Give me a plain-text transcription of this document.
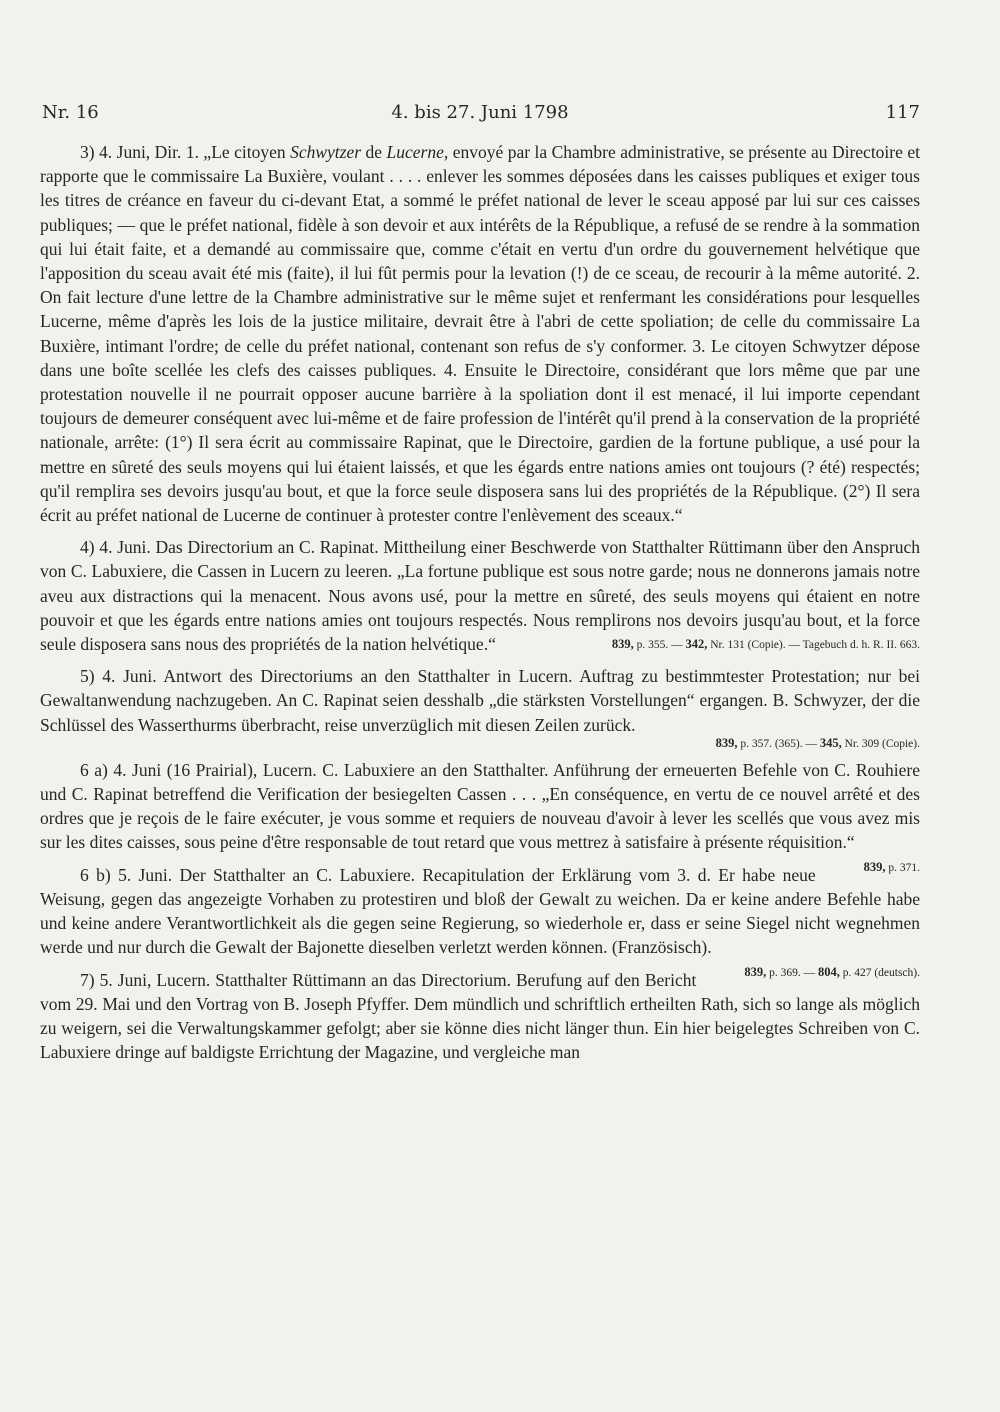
Nr. 16	4. bis 27. Juni 1798	117

3) 4. Juni, Dir. 1. „Le citoyen Schwytzer de Lucerne, envoyé par la Chambre administrative, se présente au Directoire et rapporte que le commissaire La Buxière, voulant . . . . enlever les sommes déposées dans les caisses publiques et exiger tous les titres de créance en faveur du ci-devant Etat, a sommé le préfet national de lever le sceau apposé par lui sur ces caisses publiques; — que le préfet national, fidèle à son devoir et aux intérêts de la République, a refusé de se rendre à la sommation qui lui était faite, et a demandé au commissaire que, comme c'était en vertu d'un ordre du gouvernement helvétique que l'apposition du sceau avait été mis (faite), il lui fût permis pour la levation (!) de ce sceau, de recourir à la même autorité. 2. On fait lecture d'une lettre de la Chambre administrative sur le même sujet et renfermant les considérations pour lesquelles Lucerne, même d'après les lois de la justice militaire, devrait être à l'abri de cette spoliation; de celle du commissaire La Buxière, intimant l'ordre; de celle du préfet national, contenant son refus de s'y conformer. 3. Le citoyen Schwytzer dépose dans une boîte scellée les clefs des caisses publiques. 4. Ensuite le Directoire, considérant que lors même que par une protestation nouvelle il ne pourrait opposer aucune barrière à la spoliation dont il est menacé, il lui importe cependant toujours de demeurer conséquent avec lui-même et de faire profession de l'intérêt qu'il prend à la conservation de la propriété nationale, arrête: (1°) Il sera écrit au commissaire Rapinat, que le Directoire, gardien de la fortune publique, a usé pour la mettre en sûreté des seuls moyens qui lui étaient laissés, et que les égards entre nations amies ont toujours (? été) respectés; qu'il remplira ses devoirs jusqu'au bout, et que la force seule disposera sans lui des propriétés de la République. (2°) Il sera écrit au préfet national de Lucerne de continuer à protester contre l'enlèvement des sceaux.“

4) 4. Juni. Das Directorium an C. Rapinat. Mittheilung einer Beschwerde von Statthalter Rüttimann über den Anspruch von C. Labuxiere, die Cassen in Lucern zu leeren. „La fortune publique est sous notre garde; nous ne donnerons jamais notre aveu aux distractions qui la menacent. Nous avons usé, pour la mettre en sûreté, des seuls moyens qui étaient en notre pouvoir et que les égards entre nations amies ont toujours respectés. Nous remplirons nos devoirs jusqu'au bout, et la force seule disposera sans nous des propriétés de la nation helvétique.“	839, p. 355. — 342, Nr. 131 (Copie). — Tagebuch d. h. R. II. 663.

5) 4. Juni. Antwort des Directoriums an den Statthalter in Lucern. Auftrag zu bestimmtester Protestation; nur bei Gewaltanwendung nachzugeben. An C. Rapinat seien desshalb „die stärksten Vorstellungen“ ergangen. B. Schwyzer, der die Schlüssel des Wasserthurms überbracht, reise unverzüglich mit diesen Zeilen zurück.

839, p. 357. (365). — 345, Nr. 309 (Copie).

6 a) 4. Juni (16 Prairial), Lucern. C. Labuxiere an den Statthalter. Anführung der erneuerten Befehle von C. Rouhiere und C. Rapinat betreffend die Verification der besiegelten Cassen . . . „En conséquence, en vertu de ce nouvel arrêté et des ordres que je reçois de le faire exécuter, je vous somme et requiers de nouveau d'avoir à lever les scellés que vous avez mis sur les dites caisses, sous peine d'être responsable de tout retard que vous mettrez à satisfaire à présente réquisition.“
839, p. 371.

6 b) 5. Juni. Der Statthalter an C. Labuxiere. Recapitulation der Erklärung vom 3. d. Er habe neue Weisung, gegen das angezeigte Vorhaben zu protestiren und bloß der Gewalt zu weichen. Da er keine andere Befehle habe und keine andere Verantwortlichkeit als die gegen seine Regierung, so wiederhole er, dass er seine Siegel nicht wegnehmen werde und nur durch die Gewalt der Bajonette dieselben verletzt werden können. (Französisch).
839, p. 369. — 804, p. 427 (deutsch).

7) 5. Juni, Lucern. Statthalter Rüttimann an das Directorium. Berufung auf den Bericht vom 29. Mai und den Vortrag von B. Joseph Pfyffer. Dem mündlich und schriftlich ertheilten Rath, sich so lange als möglich zu weigern, sei die Verwaltungskammer gefolgt; aber sie könne dies nicht länger thun. Ein hier beigelegtes Schreiben von C. Labuxiere dringe auf baldigste Errichtung der Magazine, und vergleiche man
